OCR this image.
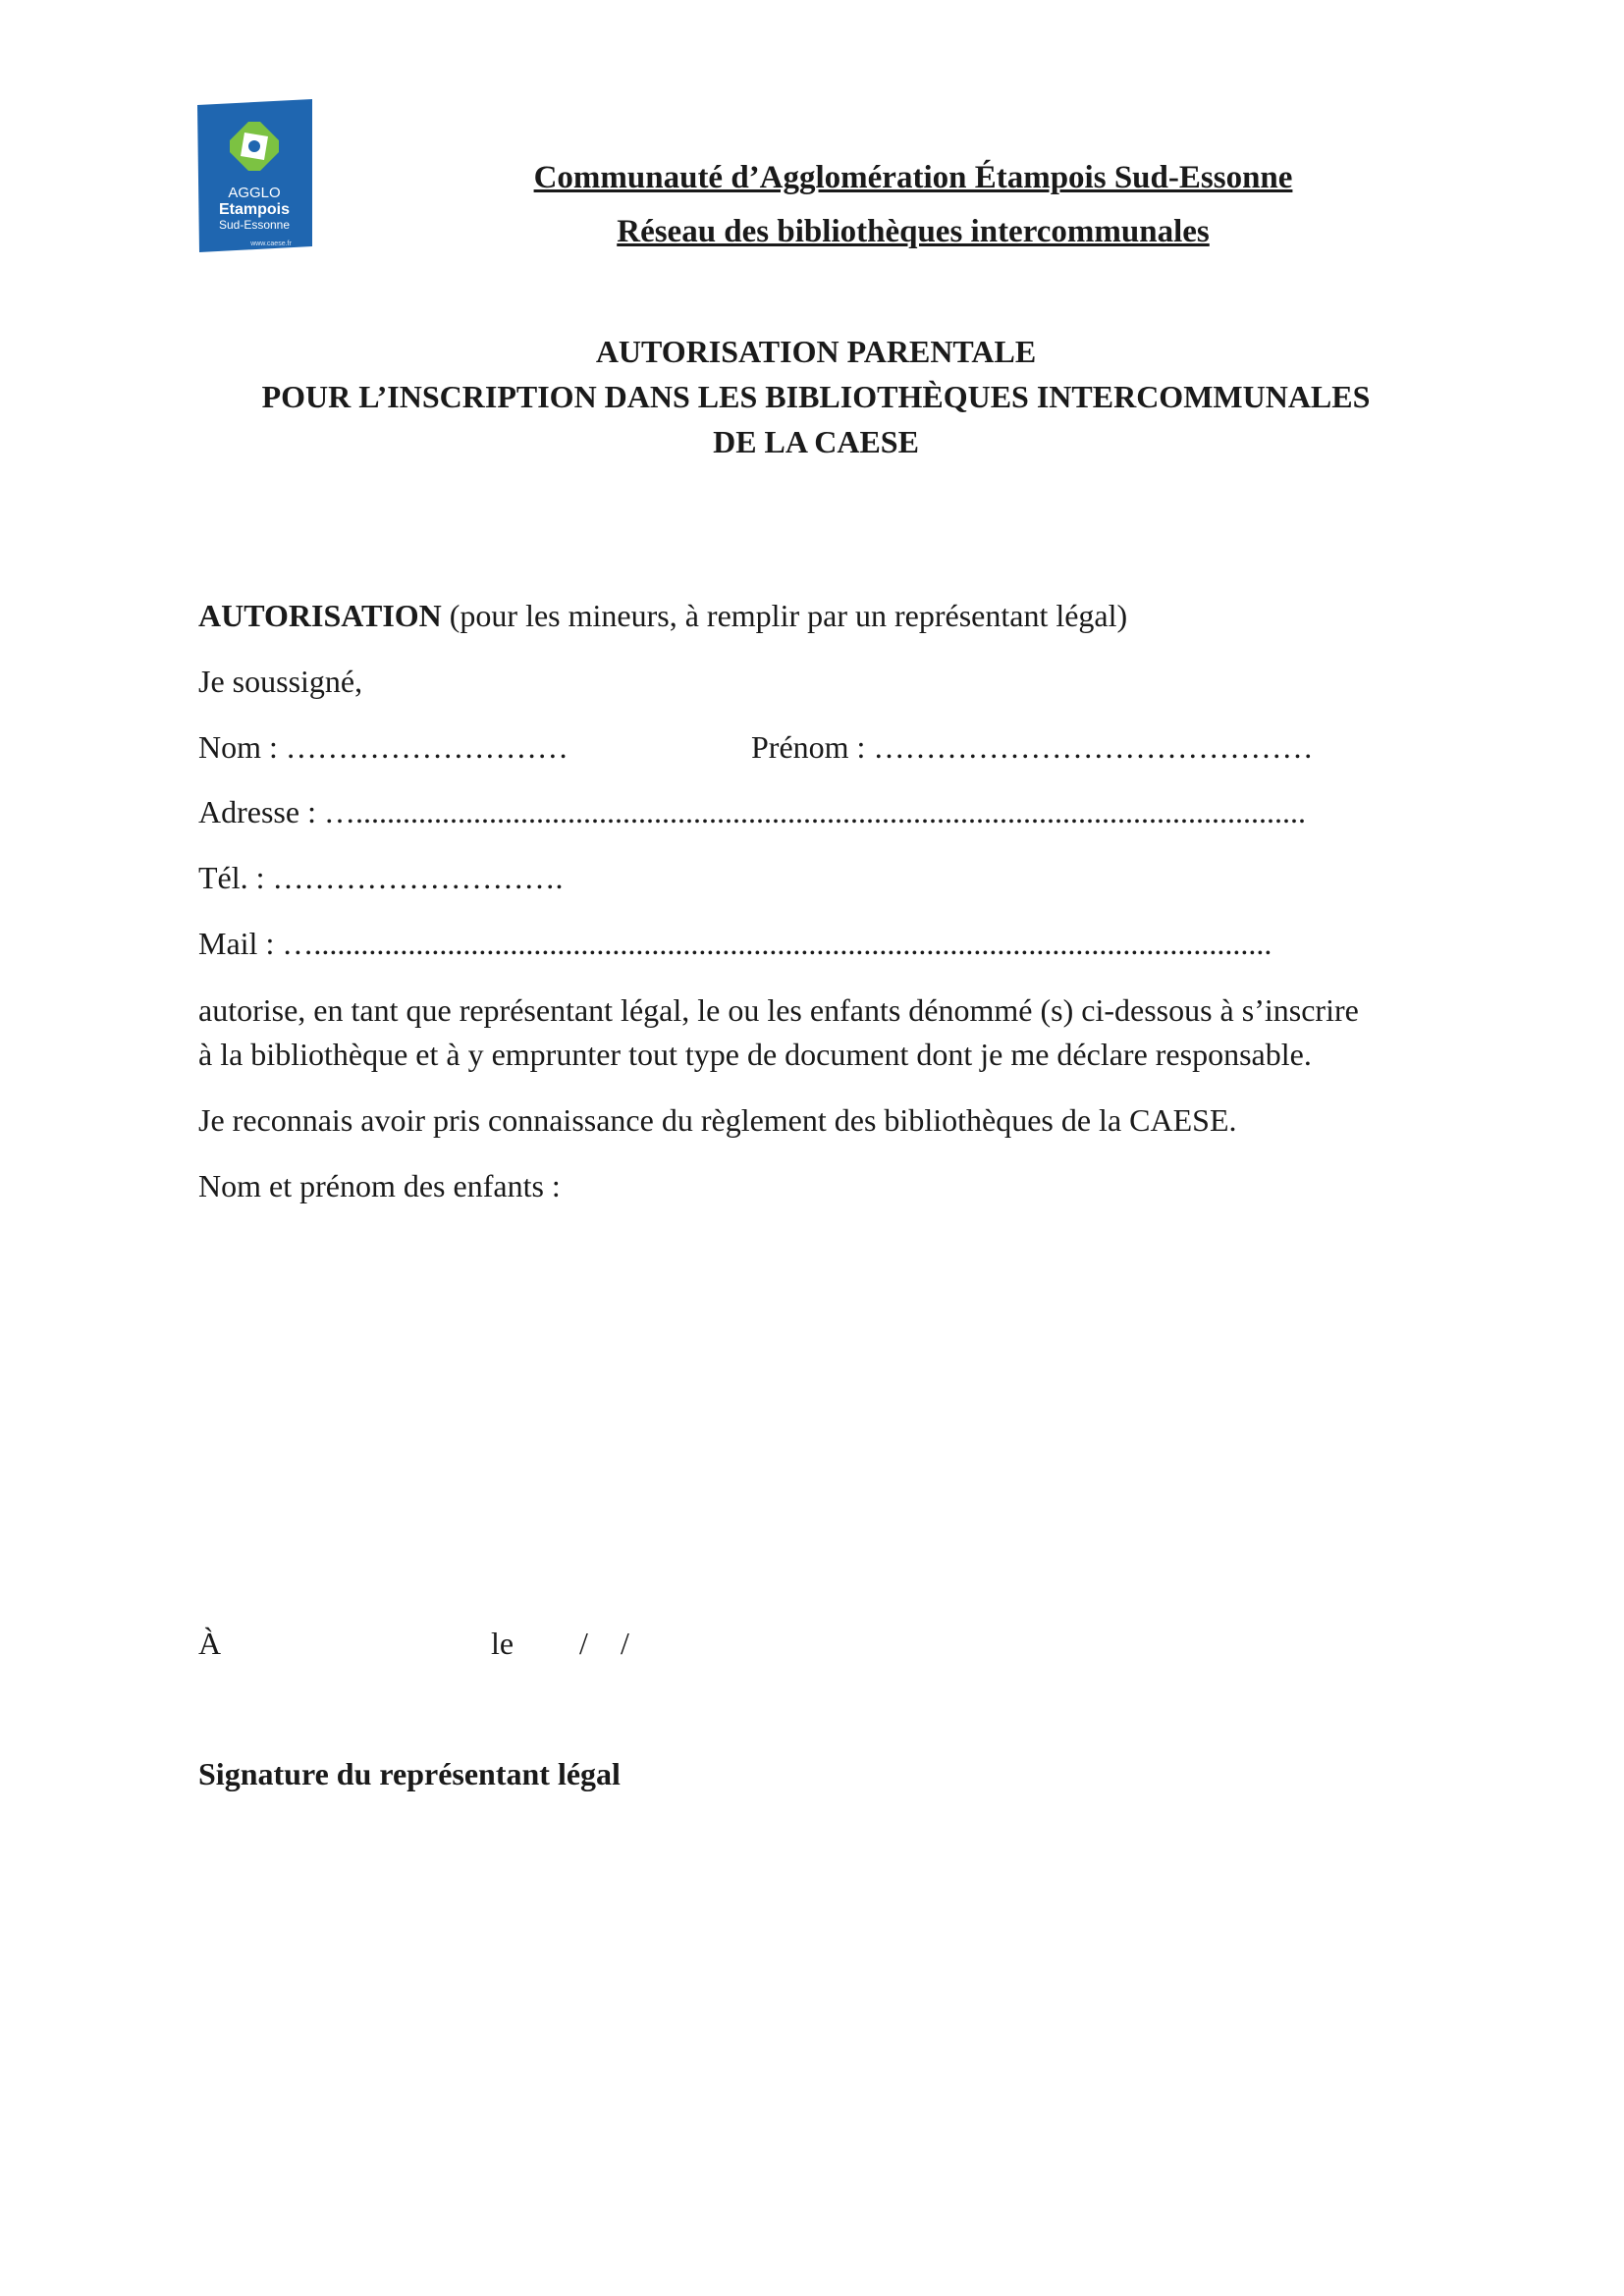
AGGLO
Etampois
Sud-Essonne
www.caese.fr
Communauté d’Agglomération Étampois Sud-Essonne
Réseau des bibliothèques intercommunales
AUTORISATION PARENTALE
POUR L’INSCRIPTION DANS LES BIBLIOTHÈQUES INTERCOMMUNALES
DE LA CAESE
AUTORISATION (pour les mineurs, à remplir par un représentant légal)
Je soussigné,
Nom : ………………………	Prénom : ……………………………………
Adresse : ….........................................................................................................................
Tél. : ……………………….
Mail : …..........................................................................................................................
autorise, en tant que représentant légal, le ou les enfants dénommé (s) ci-dessous à s’inscrire
à la bibliothèque et à y emprunter tout type de document dont je me déclare responsable.
Je reconnais avoir pris connaissance du règlement des bibliothèques de la CAESE.
Nom et prénom des enfants :
À	le / /
Signature du représentant légal
